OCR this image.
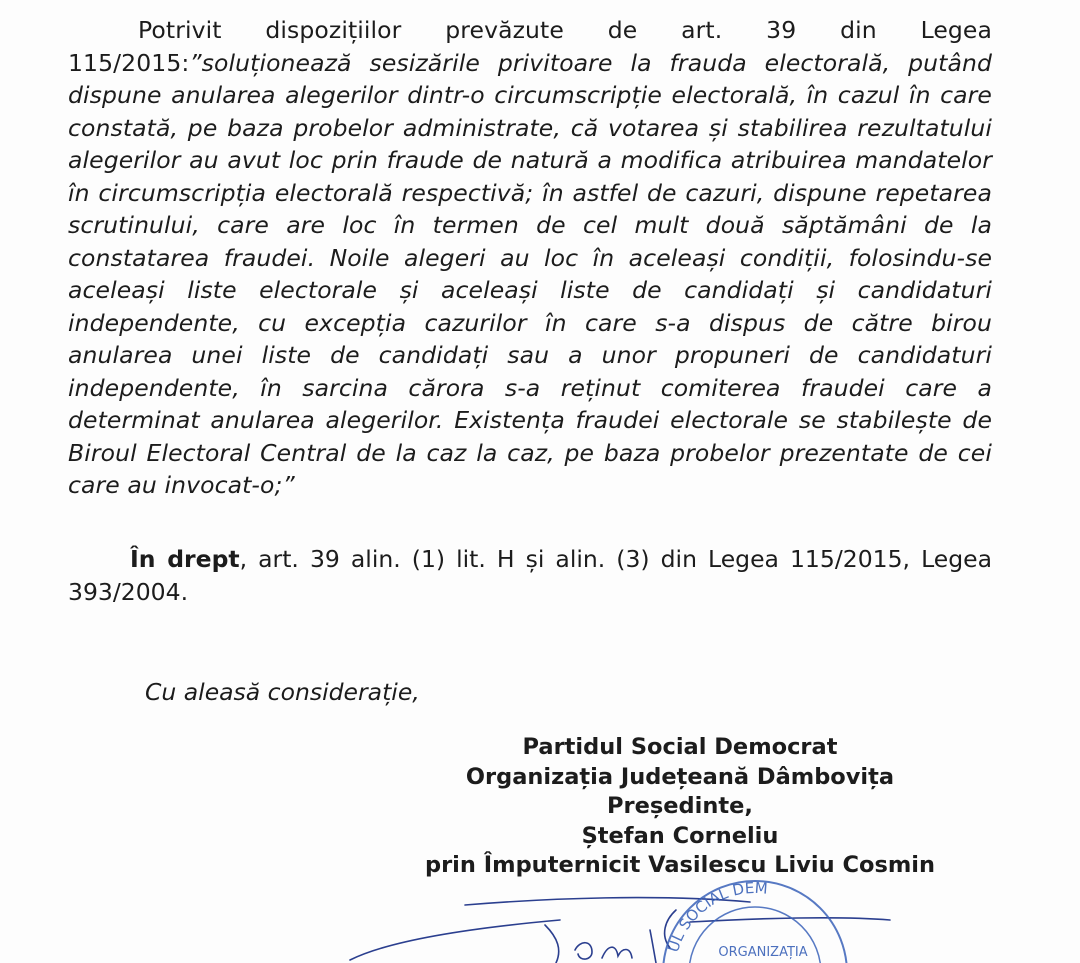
Potrivit dispozițiilor prevăzute de art. 39 din Legea 115/2015:”soluționează sesizările privitoare la frauda electorală, putând dispune anularea alegerilor dintr-o circumscripție electorală, în cazul în care constată, pe baza probelor administrate, că votarea și stabilirea rezultatului alegerilor au avut loc prin fraude de natură a modifica atribuirea mandatelor în circumscripția electorală respectivă; în astfel de cazuri, dispune repetarea scrutinului, care are loc în termen de cel mult două săptămâni de la constatarea fraudei. Noile alegeri au loc în aceleași condiții, folosindu-se aceleași liste electorale și aceleași liste de candidați și candidaturi independente, cu excepția cazurilor în care s-a dispus de către birou anularea unei liste de candidați sau a unor propuneri de candidaturi independente, în sarcina cărora s-a reținut comiterea fraudei care a determinat anularea alegerilor. Existența fraudei electorale se stabilește de Biroul Electoral Central de la caz la caz, pe baza probelor prezentate de cei care au invocat-o;”

În drept, art. 39 alin. (1) lit. H și alin. (3) din Legea 115/2015, Legea 393/2004.

Cu aleasă considerație,
Partidul Social Democrat
Organizația Județeană Dâmbovița
Președinte,
Ștefan Corneliu
prin Împuternicit Vasilescu Liviu Cosmin
UL SOCIAL DEM
ORGANIZAȚIA
